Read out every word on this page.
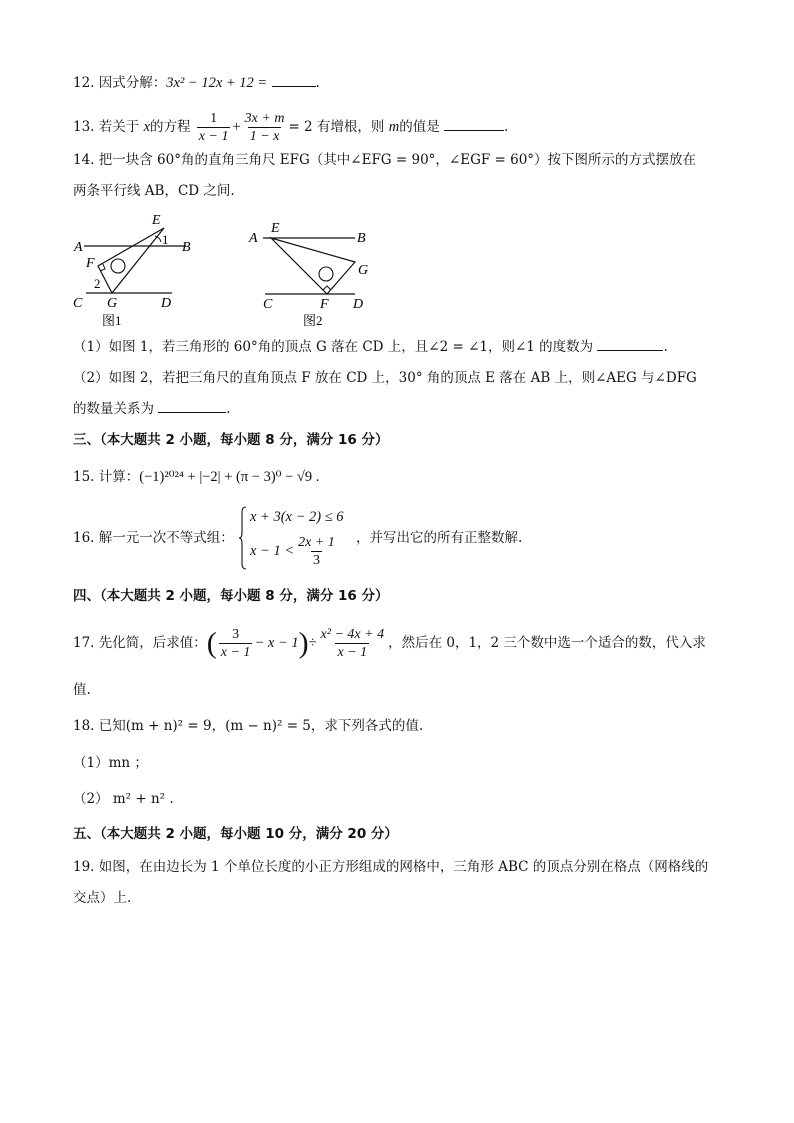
12. 因式分解：3x² − 12x + 12 =	.
13. 若关于 x的方程 $\frac{1}{x - 1} + \frac{3x + m}{1 - x} = 2$ 有增根，则 m的值是	.
14. 把一块含 60°角的直角三角尺 EFG（其中∠EFG = 90°，∠EGF = 60°）按下图所示的方式摆放在
两条平行线 AB，CD 之间.
A	B
C	D
E
F
G
1
2
图1
A	B
C	D
E
F
G
图2
（1）如图 1，若三角形的 60°角的顶点 G 落在 CD 上，且∠2 = ∠1，则∠1 的度数为	.
（2）如图 2，若把三角尺的直角顶点 F 放在 CD 上，30° 角的顶点 E 落在 AB 上，则∠AEG 与∠DFG
的数量关系为	.
三、（本大题共 2 小题，每小题 8 分，满分 16 分）
15. 计算：(−1)²⁰²⁴ + |−2| + (π − 3)⁰ − √9 .
16. 解一元一次不等式组：
x + 3(x − 2) ≤ 6
$x - 1 < \frac{2x + 1}{3}$ ，并写出它的所有正整数解.
四、（本大题共 2 小题，每小题 8 分，满分 16 分）
17. 先化简，后求值：( $\frac{3}{x - 1} - x - 1)\div \frac{\text{x² − 4x + 4}}{x - 1}$ ，然后在 0，1，2 三个数中选一个适合的数，代入求
值.
18. 已知(m + n)² = 9，(m − n)² = 5，求下列各式的值.
（1）mn ；
（2） m² + n² .
五、（本大题共 2 小题，每小题 10 分，满分 20 分）
19. 如图，在由边长为 1 个单位长度的小正方形组成的网格中，三角形 ABC 的顶点分别在格点（网格线的
交点）上.
